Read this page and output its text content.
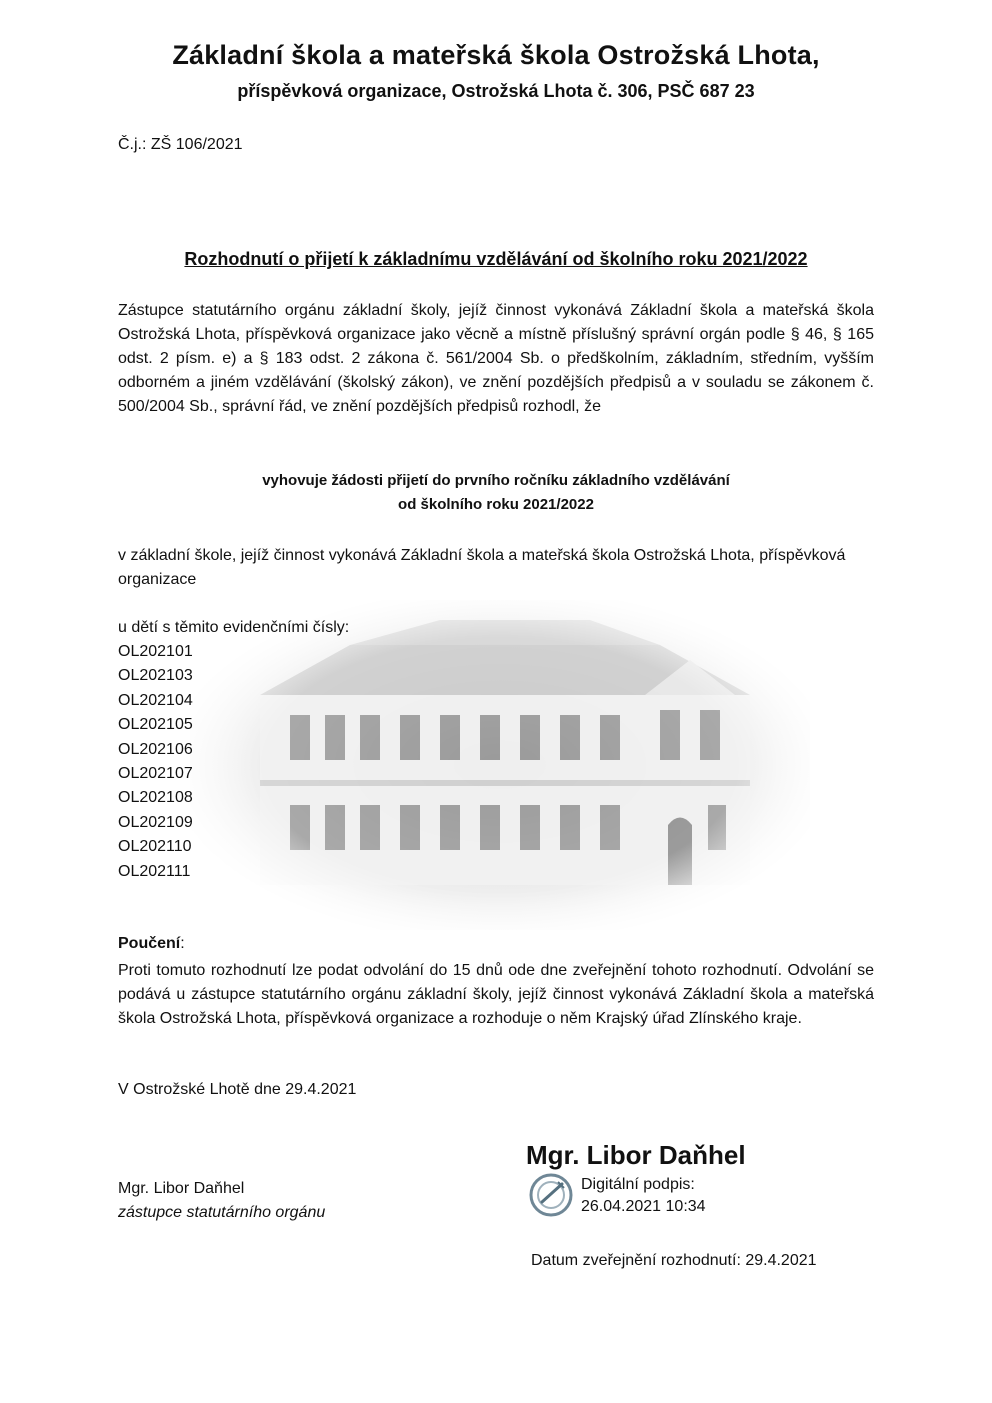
Základní škola a mateřská škola Ostrožská Lhota,
příspěvková organizace, Ostrožská Lhota č. 306, PSČ 687 23
Č.j.: ZŠ 106/2021
Rozhodnutí o přijetí k základnímu vzdělávání od školního roku 2021/2022
Zástupce statutárního orgánu základní školy, jejíž činnost vykonává Základní škola a mateřská škola Ostrožská Lhota, příspěvková organizace jako věcně a místně příslušný správní orgán podle § 46, § 165 odst. 2 písm. e) a § 183 odst. 2 zákona č. 561/2004 Sb. o předškolním, základním, středním, vyšším odborném a jiném vzdělávání (školský zákon), ve znění pozdějších předpisů a v souladu se zákonem č. 500/2004 Sb., správní řád, ve znění pozdějších předpisů rozhodl, že
vyhovuje žádosti přijetí do prvního ročníku základního vzdělávání
od školního roku 2021/2022
v základní škole, jejíž činnost vykonává Základní škola a mateřská škola Ostrožská Lhota, příspěvková organizace
u dětí s těmito evidenčními čísly:
OL202101
OL202103
OL202104
OL202105
OL202106
OL202107
OL202108
OL202109
OL202110
OL202111
Poučení:
Proti tomuto rozhodnutí lze podat odvolání do 15 dnů ode dne zveřejnění tohoto rozhodnutí. Odvolání se podává u zástupce statutárního orgánu základní školy, jejíž činnost vykonává Základní škola a mateřská škola Ostrožská Lhota, příspěvková organizace a rozhoduje o něm Krajský úřad Zlínského kraje.
V Ostrožské Lhotě dne 29.4.2021
Mgr. Libor Daňhel
zástupce statutárního orgánu
Mgr. Libor Daňhel
Digitální podpis:
26.04.2021 10:34
Datum zveřejnění rozhodnutí: 29.4.2021
